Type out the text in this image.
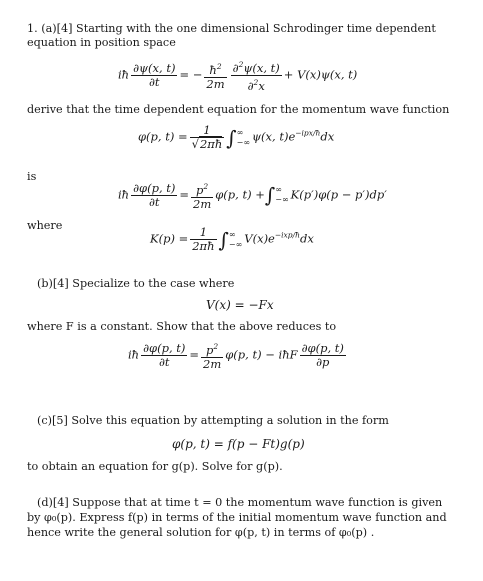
1. (a)[4] Starting with the one dimensional Schrodinger time dependent
equation in position space
iħ $\frac{\partial\psi(x, t)}{\partial t}$ = − $\frac{ħ^2}{2m} \frac{\partial^2\psi(x, t)}{\partial^2x} + V(x)\psi(x$, t)
derive that the time dependent equation for the momentum wave function
φ(p, $t) = \frac{1}{√2\pi ħ}$ ∫ ∞
−∞ ψ(x, $t)e^{-ipx/ħ}dx$
is
iħ $\frac{\partial\varphi(p, t)}{\partial t} = \frac{p^2}{2m} \varphi(p$, t) +∫ ∞
−∞ K(p′)φ(p − p′)dp′
where
$K(p) = \frac{1}{2\pi ħ}$ ∫ ∞
−∞ $V(x)e^{-ixp/ħ}dx$
(b)[4] Specialize to the case where
V(x) = −Fx
where F is a constant. Show that the above reduces to
iħ $\frac{\partial\varphi(p, t)}{\partial t} = \frac{p^2}{2m} \varphi(p$, t) − iħF $\frac{\partial\varphi(p, t)}{\partial p}$
(c)[5] Solve this equation by attempting a solution in the form
φ(p, t) = f(p − Ft)g(p)
to obtain an equation for g(p). Solve for g(p).
(d)[4] Suppose that at time t = 0 the momentum wave function is given
by φ₀(p). Express f(p) in terms of the initial momentum wave function and
hence write the general solution for φ(p, t) in terms of φ₀(p) .
